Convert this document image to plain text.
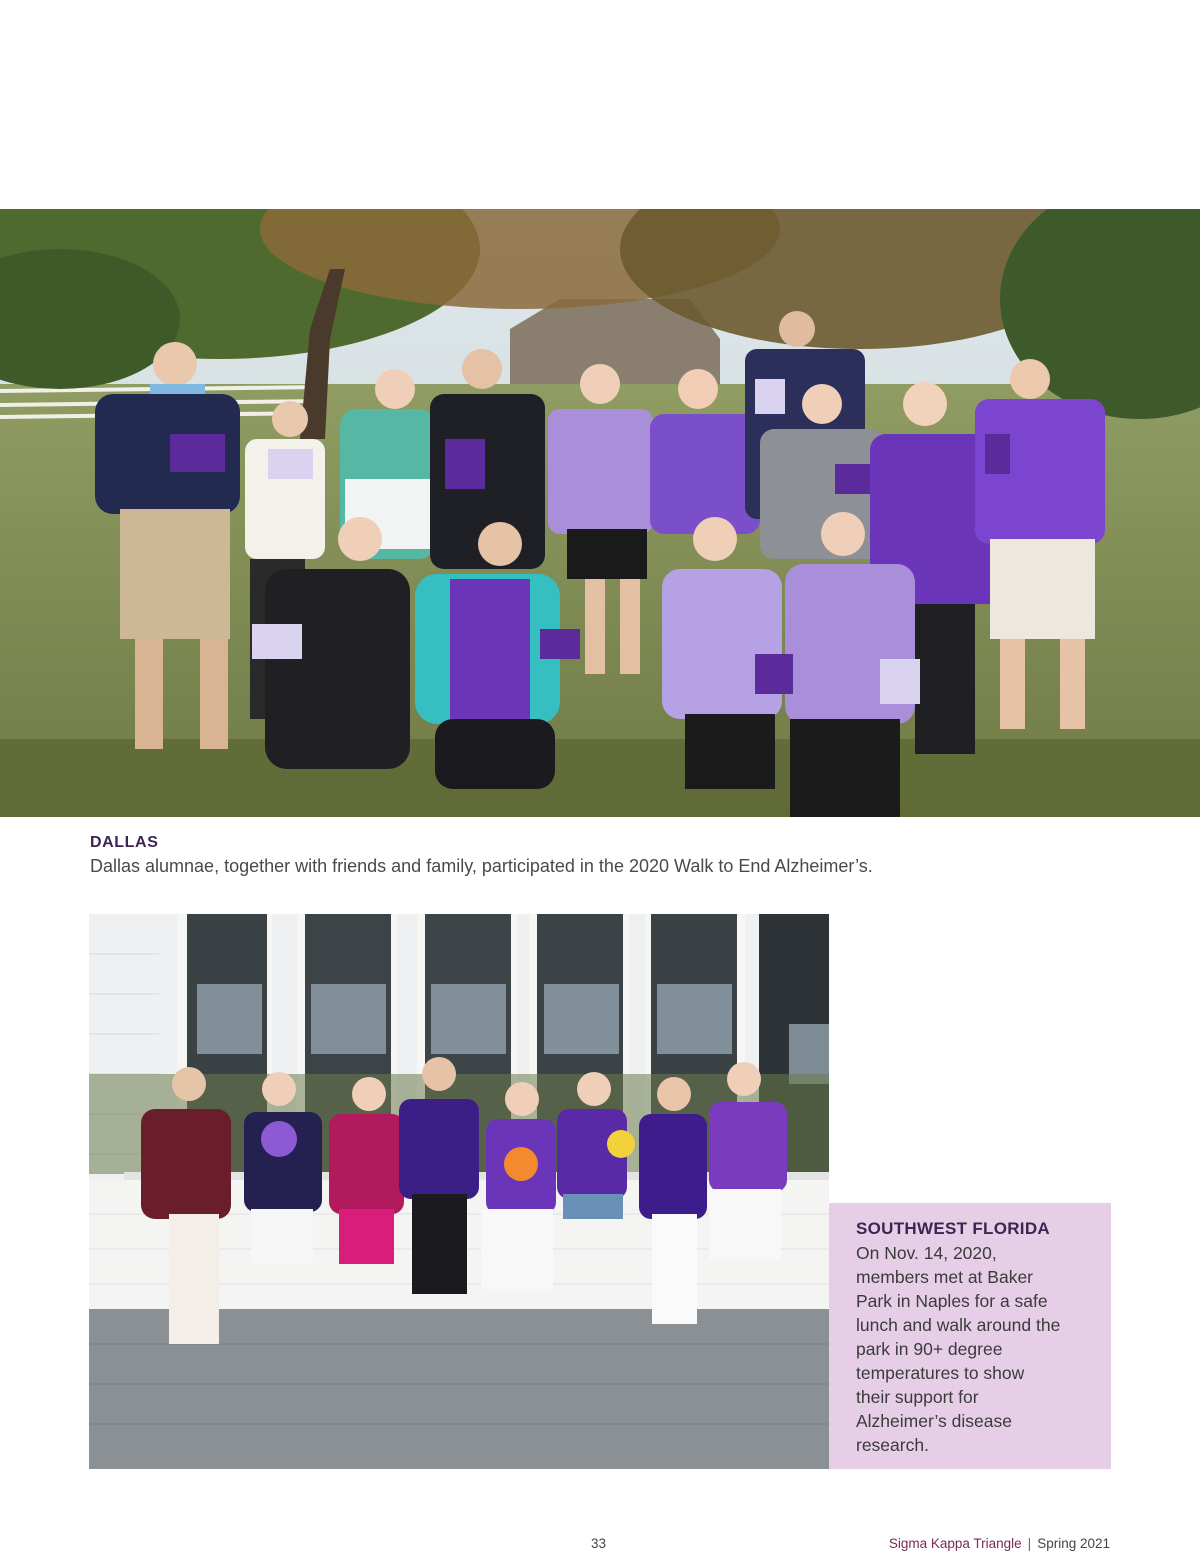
DALLAS
Dallas alumnae, together with friends and family, participated in the 2020 Walk to End Alzheimer’s.
SOUTHWEST FLORIDA
On Nov. 14, 2020, members met at Baker Park in Naples for a safe lunch and walk around the park in 90+ degree temperatures to show their support for Alzheimer’s disease research.
33	Sigma Kappa Triangle | Spring 2021
